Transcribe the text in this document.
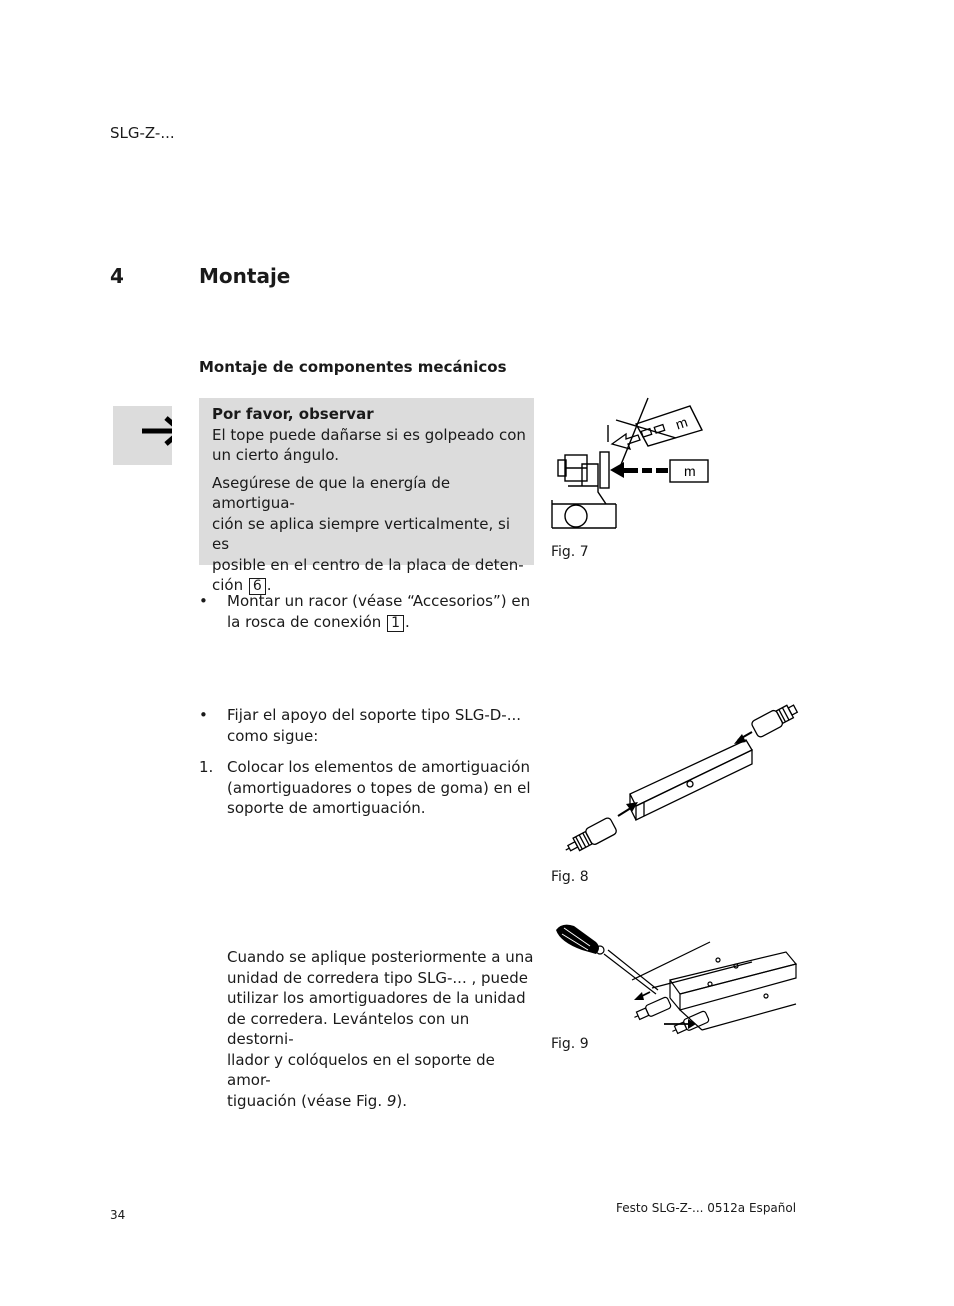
SLG-Z-...
4	Montaje
Montaje de componentes mecánicos

Por favor, observar

El tope puede dañarse si es golpeado con

un cierto ángulo.

Asegúrese de que la energía de amortigua-

ción se aplica siempre verticalmente, si es

posible en el centro de la placa de deten-

ción 6 .

• Montar un racor (véase “Accesorios”) en
la rosca de conexión 1 .
• Fijar el apoyo del soporte tipo SLG-D-...
como sigue:
1. Colocar los elementos de amortiguación
(amortiguadores o topes de goma) en el
soporte de amortiguación.

Cuando se aplique posteriormente a una

unidad de corredera tipo SLG-... , puede

utilizar los amortiguadores de la unidad

de corredera. Levántelos con un destorni-

llador y colóquelos en el soporte de amor-

tiguación (véase Fig. 9).

m
m
Fig. 7
Fig. 8
Fig. 9
34	Festo SLG-Z-... 0512a Español
